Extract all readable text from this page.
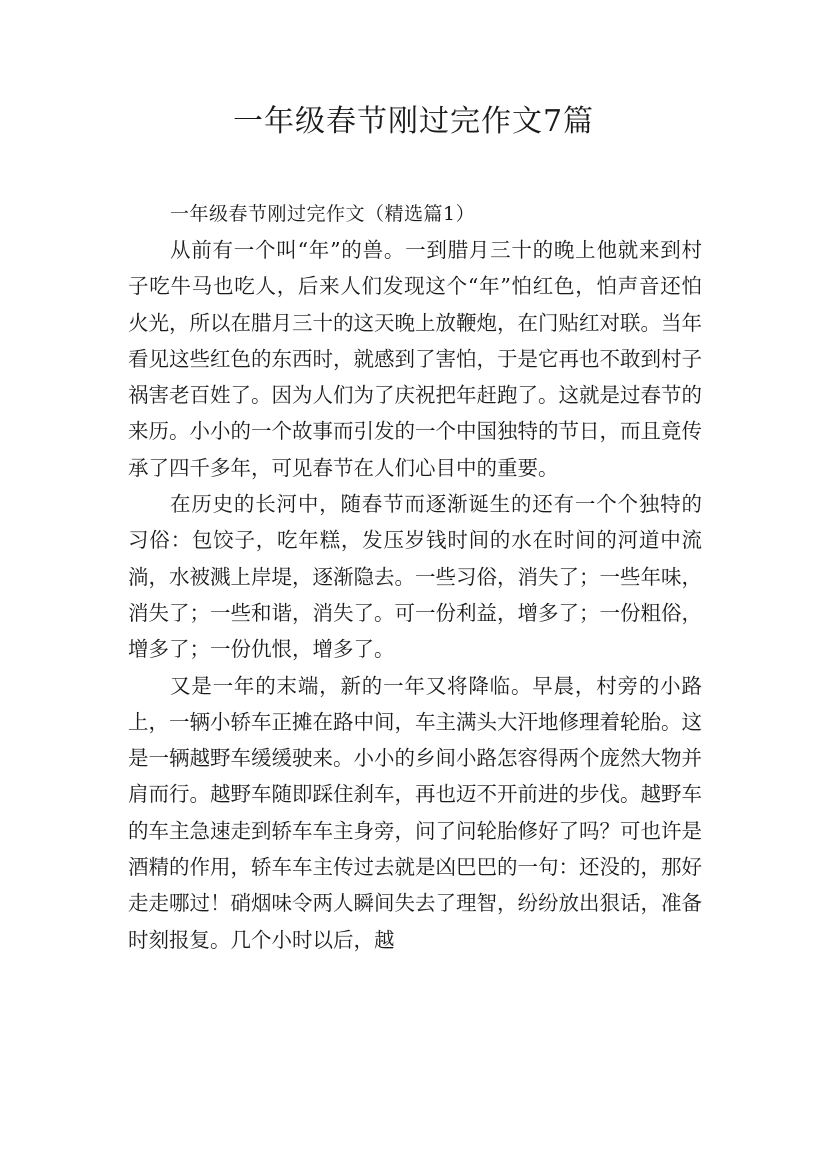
一年级春节刚过完作文7篇

一年级春节刚过完作文（精选篇1）

从前有一个叫“年”的兽。一到腊月三十的晚上他就来到村子吃牛马也吃人，后来人们发现这个“年”怕红色，怕声音还怕火光，所以在腊月三十的这天晚上放鞭炮，在门贴红对联。当年看见这些红色的东西时，就感到了害怕，于是它再也不敢到村子祸害老百姓了。因为人们为了庆祝把年赶跑了。这就是过春节的来历。小小的一个故事而引发的一个中国独特的节日，而且竟传承了四千多年，可见春节在人们心目中的重要。

在历史的长河中，随春节而逐渐诞生的还有一个个独特的习俗：包饺子，吃年糕，发压岁钱时间的水在时间的河道中流淌，水被溅上岸堤，逐渐隐去。一些习俗，消失了；一些年味，消失了；一些和谐，消失了。可一份利益，增多了；一份粗俗，增多了；一份仇恨，增多了。

又是一年的末端，新的一年又将降临。早晨，村旁的小路上，一辆小轿车正摊在路中间，车主满头大汗地修理着轮胎。这是一辆越野车缓缓驶来。小小的乡间小路怎容得两个庞然大物并肩而行。越野车随即踩住刹车，再也迈不开前进的步伐。越野车的车主急速走到轿车车主身旁，问了问轮胎修好了吗？可也许是酒精的作用，轿车车主传过去就是凶巴巴的一句：还没的，那好走走哪过！硝烟味令两人瞬间失去了理智，纷纷放出狠话，准备时刻报复。几个小时以后，越
